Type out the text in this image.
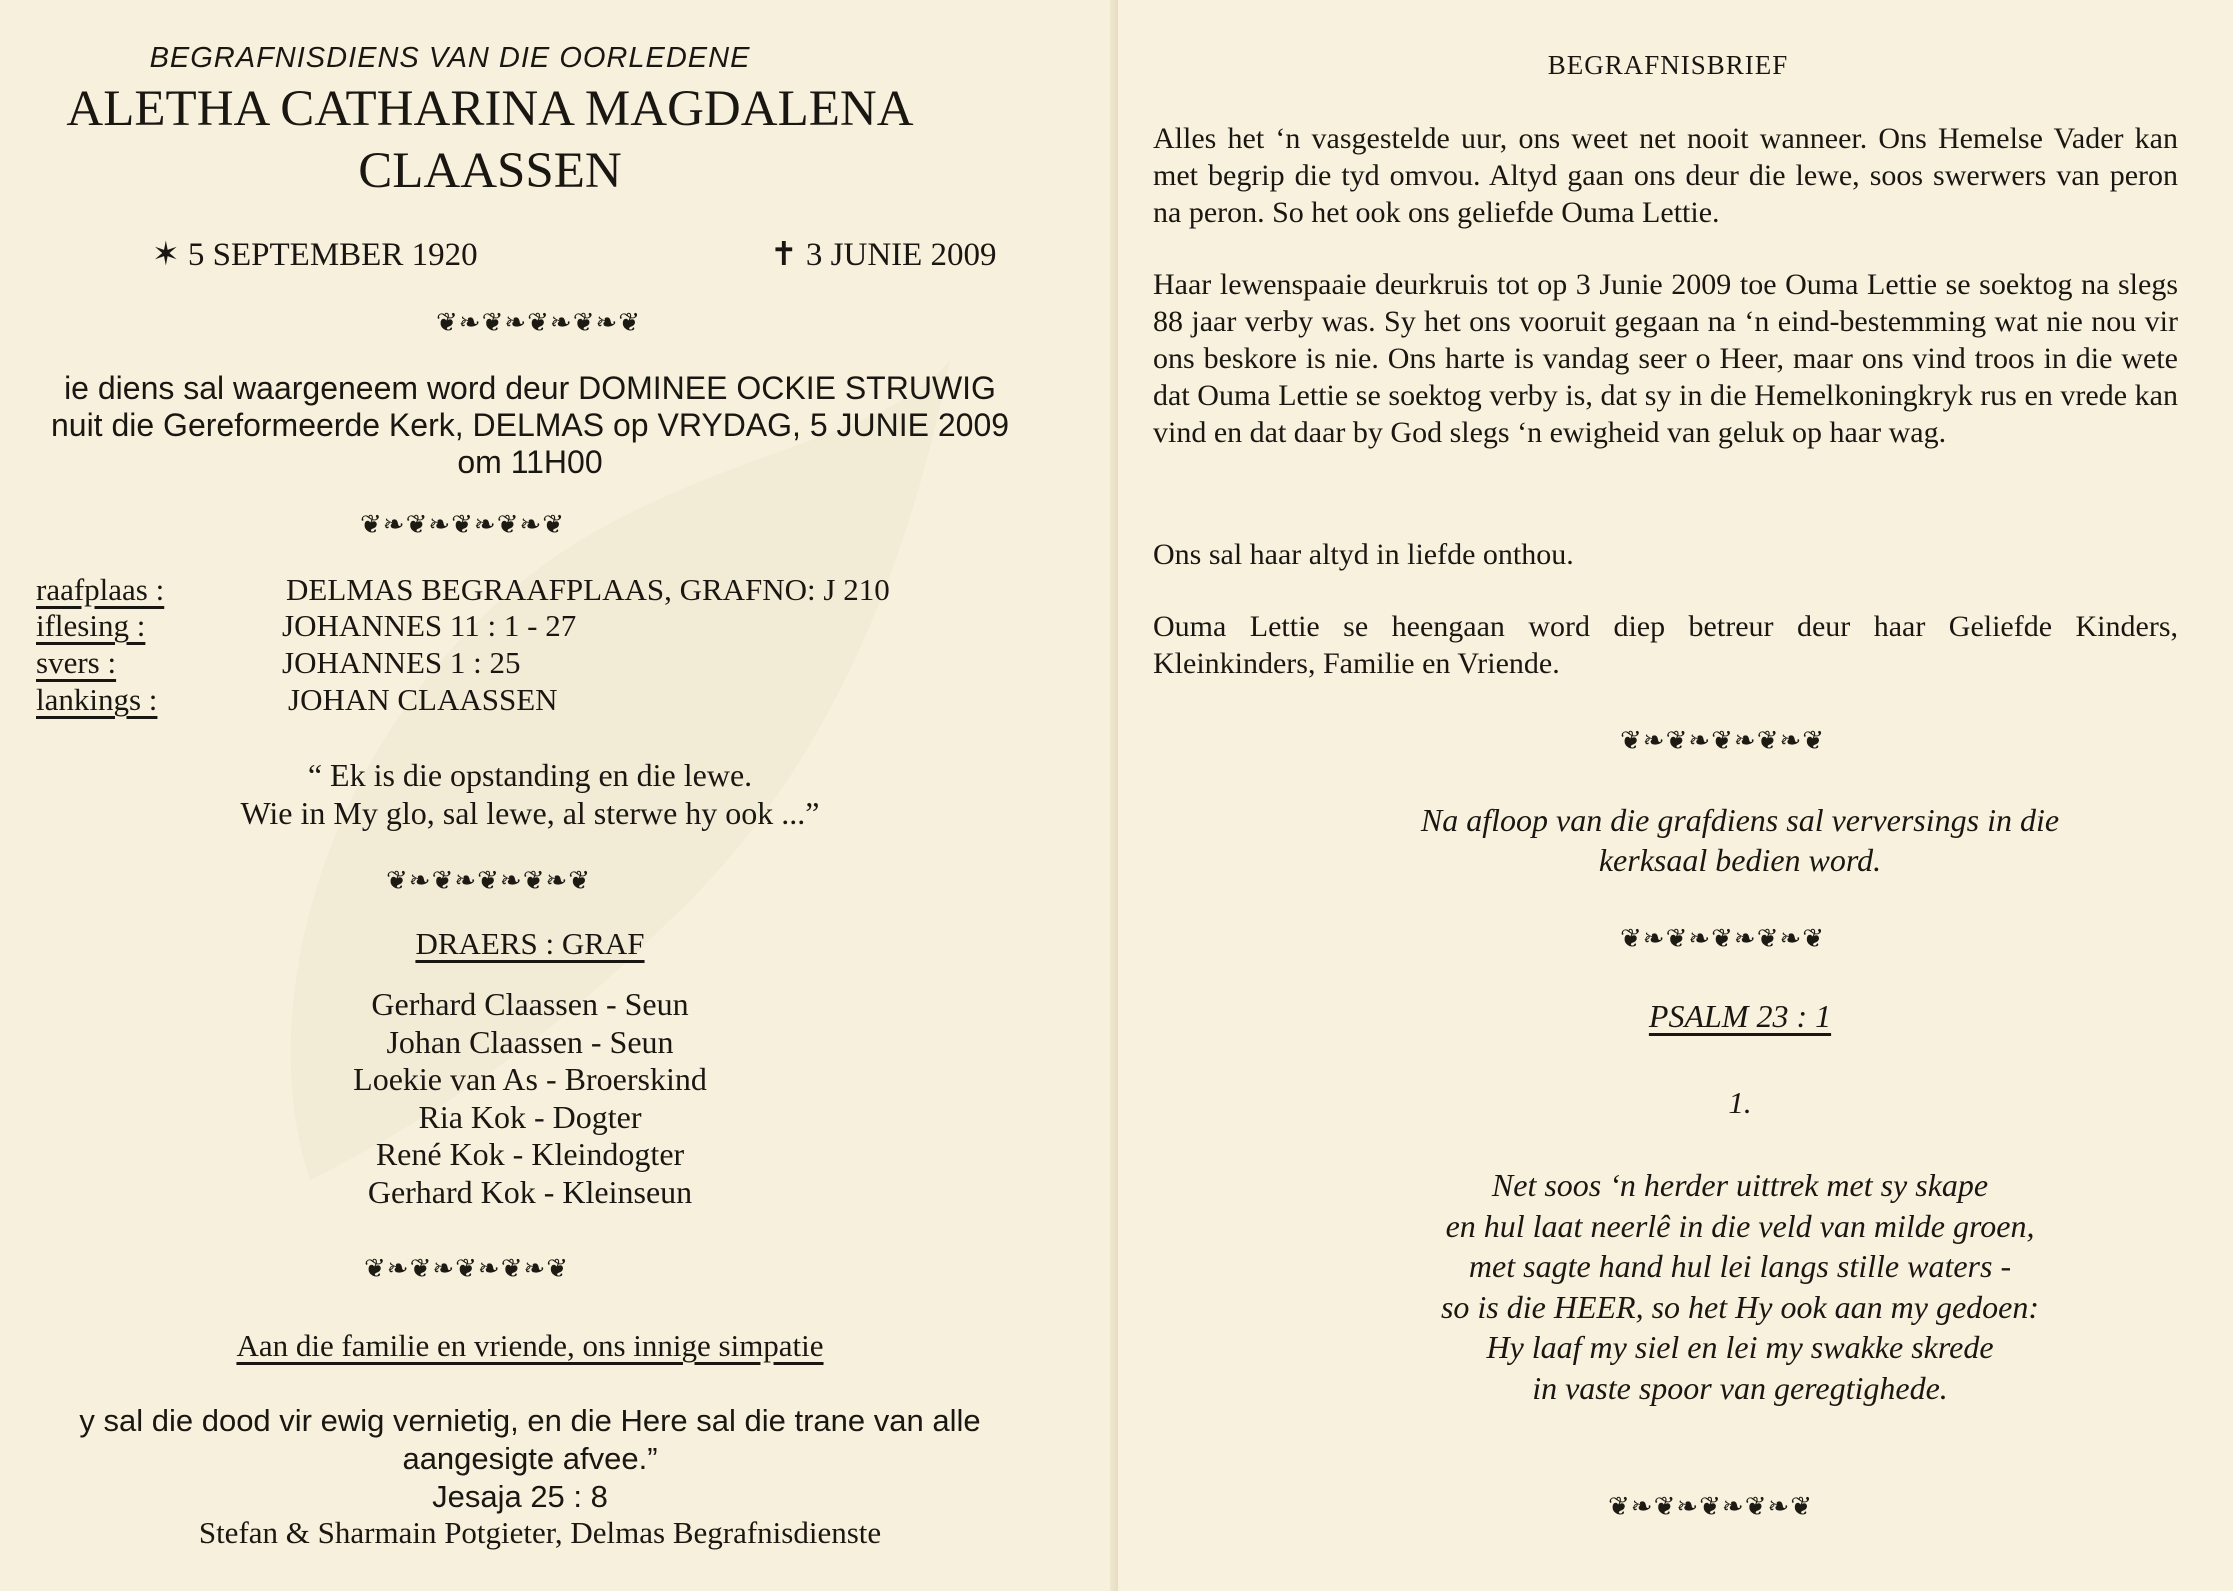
BEGRAFNISDIENS VAN DIE OORLEDENE
ALETHA CATHARINA MAGDALENA
CLAASSEN
✶ 5 SEPTEMBER 1920	✝ 3 JUNIE 2009
❦❧❦❧❦❧❦❧❦
ie diens sal waargeneem word deur DOMINEE OCKIE STRUWIG
nuit die Gereformeerde Kerk, DELMAS op VRYDAG, 5 JUNIE 2009
om 11H00
❦❧❦❧❦❧❦❧❦
raafplaas :	DELMAS BEGRAAFPLAAS, GRAFNO: J 210
iflesing :	JOHANNES 11 : 1 - 27
svers :	JOHANNES 1 : 25
lankings :	JOHAN CLAASSEN
“ Ek is die opstanding en die lewe.
Wie in My glo, sal lewe, al sterwe hy ook ...”
❦❧❦❧❦❧❦❧❦
DRAERS : GRAF
Gerhard Claassen - Seun
Johan Claassen - Seun
Loekie van As - Broerskind
Ria Kok - Dogter
René Kok - Kleindogter
Gerhard Kok - Kleinseun
❦❧❦❧❦❧❦❧❦
Aan die familie en vriende, ons innige simpatie
y sal die dood vir ewig vernietig, en die Here sal die trane van alle
aangesigte afvee.”
Jesaja 25 : 8
Stefan & Sharmain Potgieter, Delmas Begrafnisdienste
BEGRAFNISBRIEF
Alles het ‘n vasgestelde uur, ons weet net nooit wanneer. Ons Hemelse Vader kan met begrip die tyd omvou. Altyd gaan ons deur die lewe, soos swerwers van peron na peron. So het ook ons geliefde Ouma Lettie.
Haar lewenspaaie deurkruis tot op 3 Junie 2009 toe Ouma Lettie se soektog na slegs 88 jaar verby was. Sy het ons vooruit gegaan na ‘n eind-bestemming wat nie nou vir ons beskore is nie. Ons harte is vandag seer o Heer, maar ons vind troos in die wete dat Ouma Lettie se soektog verby is, dat sy in die Hemelkoningkryk rus en vrede kan vind en dat daar by God slegs ‘n ewigheid van geluk op haar wag.
Ons sal haar altyd in liefde onthou.
Ouma Lettie se heengaan word diep betreur deur haar Geliefde Kinders, Kleinkinders, Familie en Vriende.
❦❧❦❧❦❧❦❧❦
Na afloop van die grafdiens sal verversings in die
kerksaal bedien word.
❦❧❦❧❦❧❦❧❦
PSALM 23 : 1
1.
Net soos ‘n herder uittrek met sy skape
en hul laat neerlê in die veld van milde groen,
met sagte hand hul lei langs stille waters -
so is die HEER, so het Hy ook aan my gedoen:
Hy laaf my siel en lei my swakke skrede
in vaste spoor van geregtighede.
❦❧❦❧❦❧❦❧❦
